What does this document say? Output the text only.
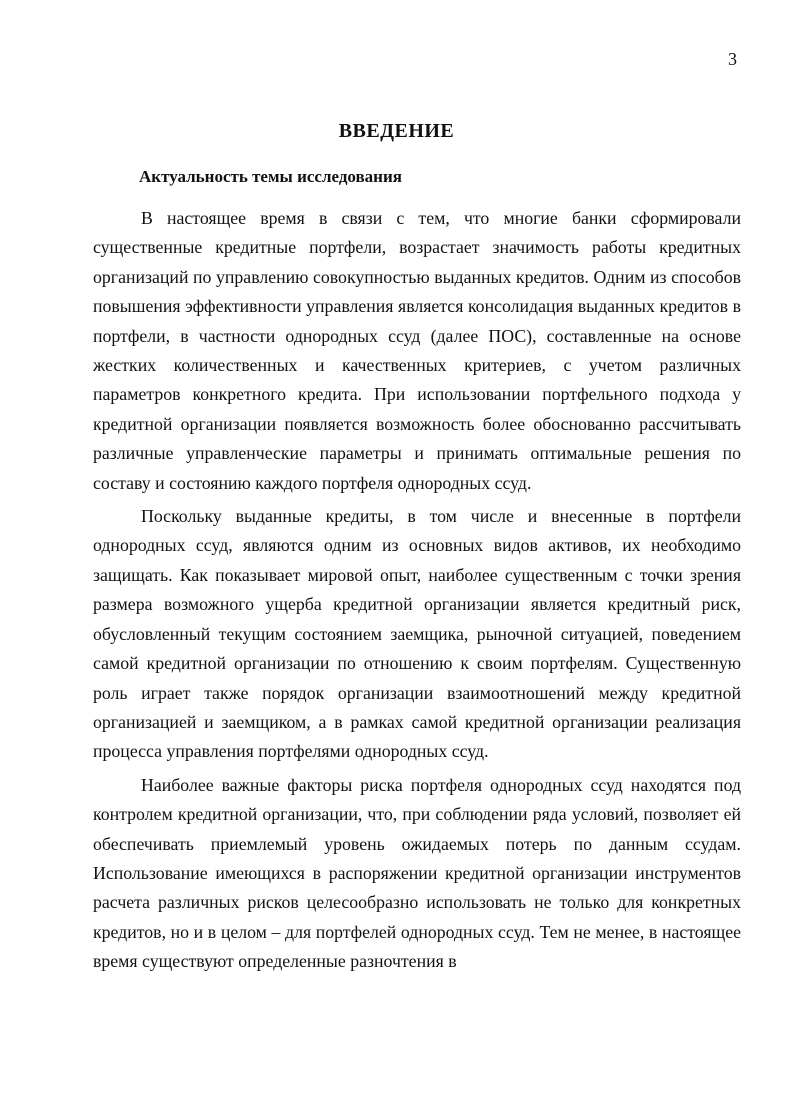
3
ВВЕДЕНИЕ
Актуальность темы исследования

В настоящее время в связи с тем, что многие банки сформировали существенные кредитные портфели, возрастает значимость работы кредитных организаций по управлению совокупностью выданных кредитов. Одним из способов повышения эффективности управления является консолидация выданных кредитов в портфели, в частности однородных ссуд (далее ПОС), составленные на основе жестких количественных и качественных критериев, с учетом различных параметров конкретного кредита. При использовании портфельного подхода у кредитной организации появляется возможность более обоснованно рассчитывать различные управленческие параметры и принимать оптимальные решения по составу и состоянию каждого портфеля однородных ссуд.

Поскольку выданные кредиты, в том числе и внесенные в портфели однородных ссуд, являются одним из основных видов активов, их необходимо защищать. Как показывает мировой опыт, наиболее существенным с точки зрения размера возможного ущерба кредитной организации является кредитный риск, обусловленный текущим состоянием заемщика, рыночной ситуацией, поведением самой кредитной организации по отношению к своим портфелям. Существенную роль играет также порядок организации взаимоотношений между кредитной организацией и заемщиком, а в рамках самой кредитной организации реализация процесса управления портфелями однородных ссуд.

Наиболее важные факторы риска портфеля однородных ссуд находятся под контролем кредитной организации, что, при соблюдении ряда условий, позволяет ей обеспечивать приемлемый уровень ожидаемых потерь по данным ссудам. Использование имеющихся в распоряжении кредитной организации инструментов расчета различных рисков целесообразно использовать не только для конкретных кредитов, но и в целом – для портфелей однородных ссуд. Тем не менее, в настоящее время существуют определенные разночтения в
